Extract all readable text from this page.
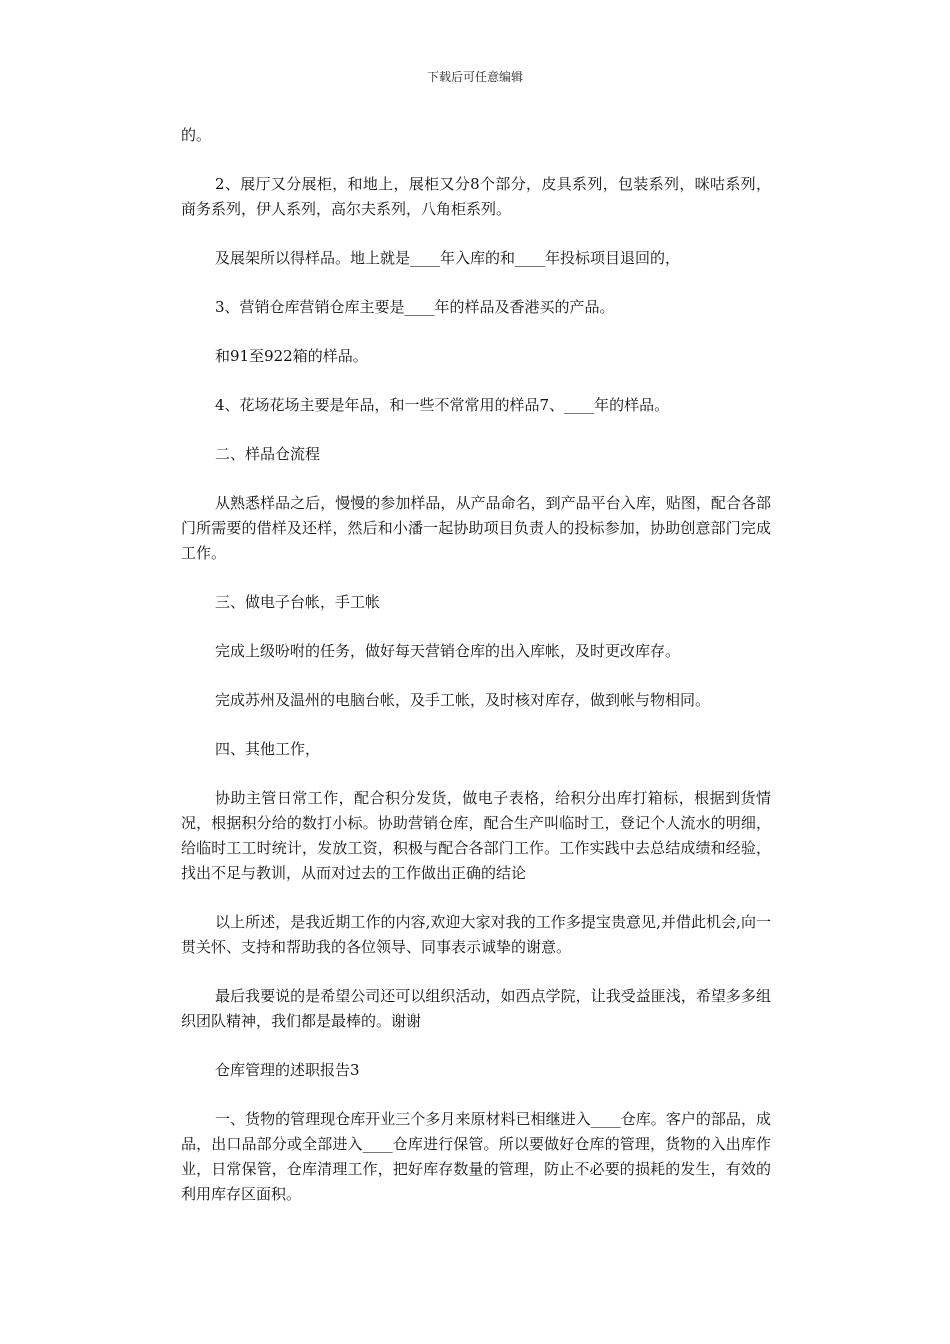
下载后可任意编辑

的。

2、展厅又分展柜，和地上，展柜又分8个部分，皮具系列，包装系列，咪咕系列，商务系列，伊人系列，高尔夫系列，八角柜系列。

及展架所以得样品。地上就是____年入库的和____年投标项目退回的，

3、营销仓库营销仓库主要是____年的样品及香港买的产品。

和91至922箱的样品。

4、花场花场主要是年品，和一些不常常用的样品7、____年的样品。

二、样品仓流程

从熟悉样品之后，慢慢的参加样品，从产品命名，到产品平台入库，贴图，配合各部门所需要的借样及还样，然后和小潘一起协助项目负责人的投标参加，协助创意部门完成工作。

三、做电子台帐，手工帐

完成上级吩咐的任务，做好每天营销仓库的出入库帐，及时更改库存。

完成苏州及温州的电脑台帐，及手工帐，及时核对库存，做到帐与物相同。

四、其他工作，

协助主管日常工作，配合积分发货，做电子表格，给积分出库打箱标，根据到货情况，根据积分给的数打小标。协助营销仓库，配合生产叫临时工，登记个人流水的明细，给临时工工时统计，发放工资，积极与配合各部门工作。工作实践中去总结成绩和经验，找出不足与教训，从而对过去的工作做出正确的结论

以上所述，是我近期工作的内容,欢迎大家对我的工作多提宝贵意见,并借此机会,向一贯关怀、支持和帮助我的各位领导、同事表示诚挚的谢意。

最后我要说的是希望公司还可以组织活动，如西点学院，让我受益匪浅，希望多多组织团队精神，我们都是最棒的。谢谢

仓库管理的述职报告3

一、货物的管理现仓库开业三个多月来原材料已相继进入____仓库。客户的部品，成品，出口品部分或全部进入____仓库进行保管。所以要做好仓库的管理，货物的入出库作业，日常保管，仓库清理工作，把好库存数量的管理，防止不必要的损耗的发生，有效的利用库存区面积。
